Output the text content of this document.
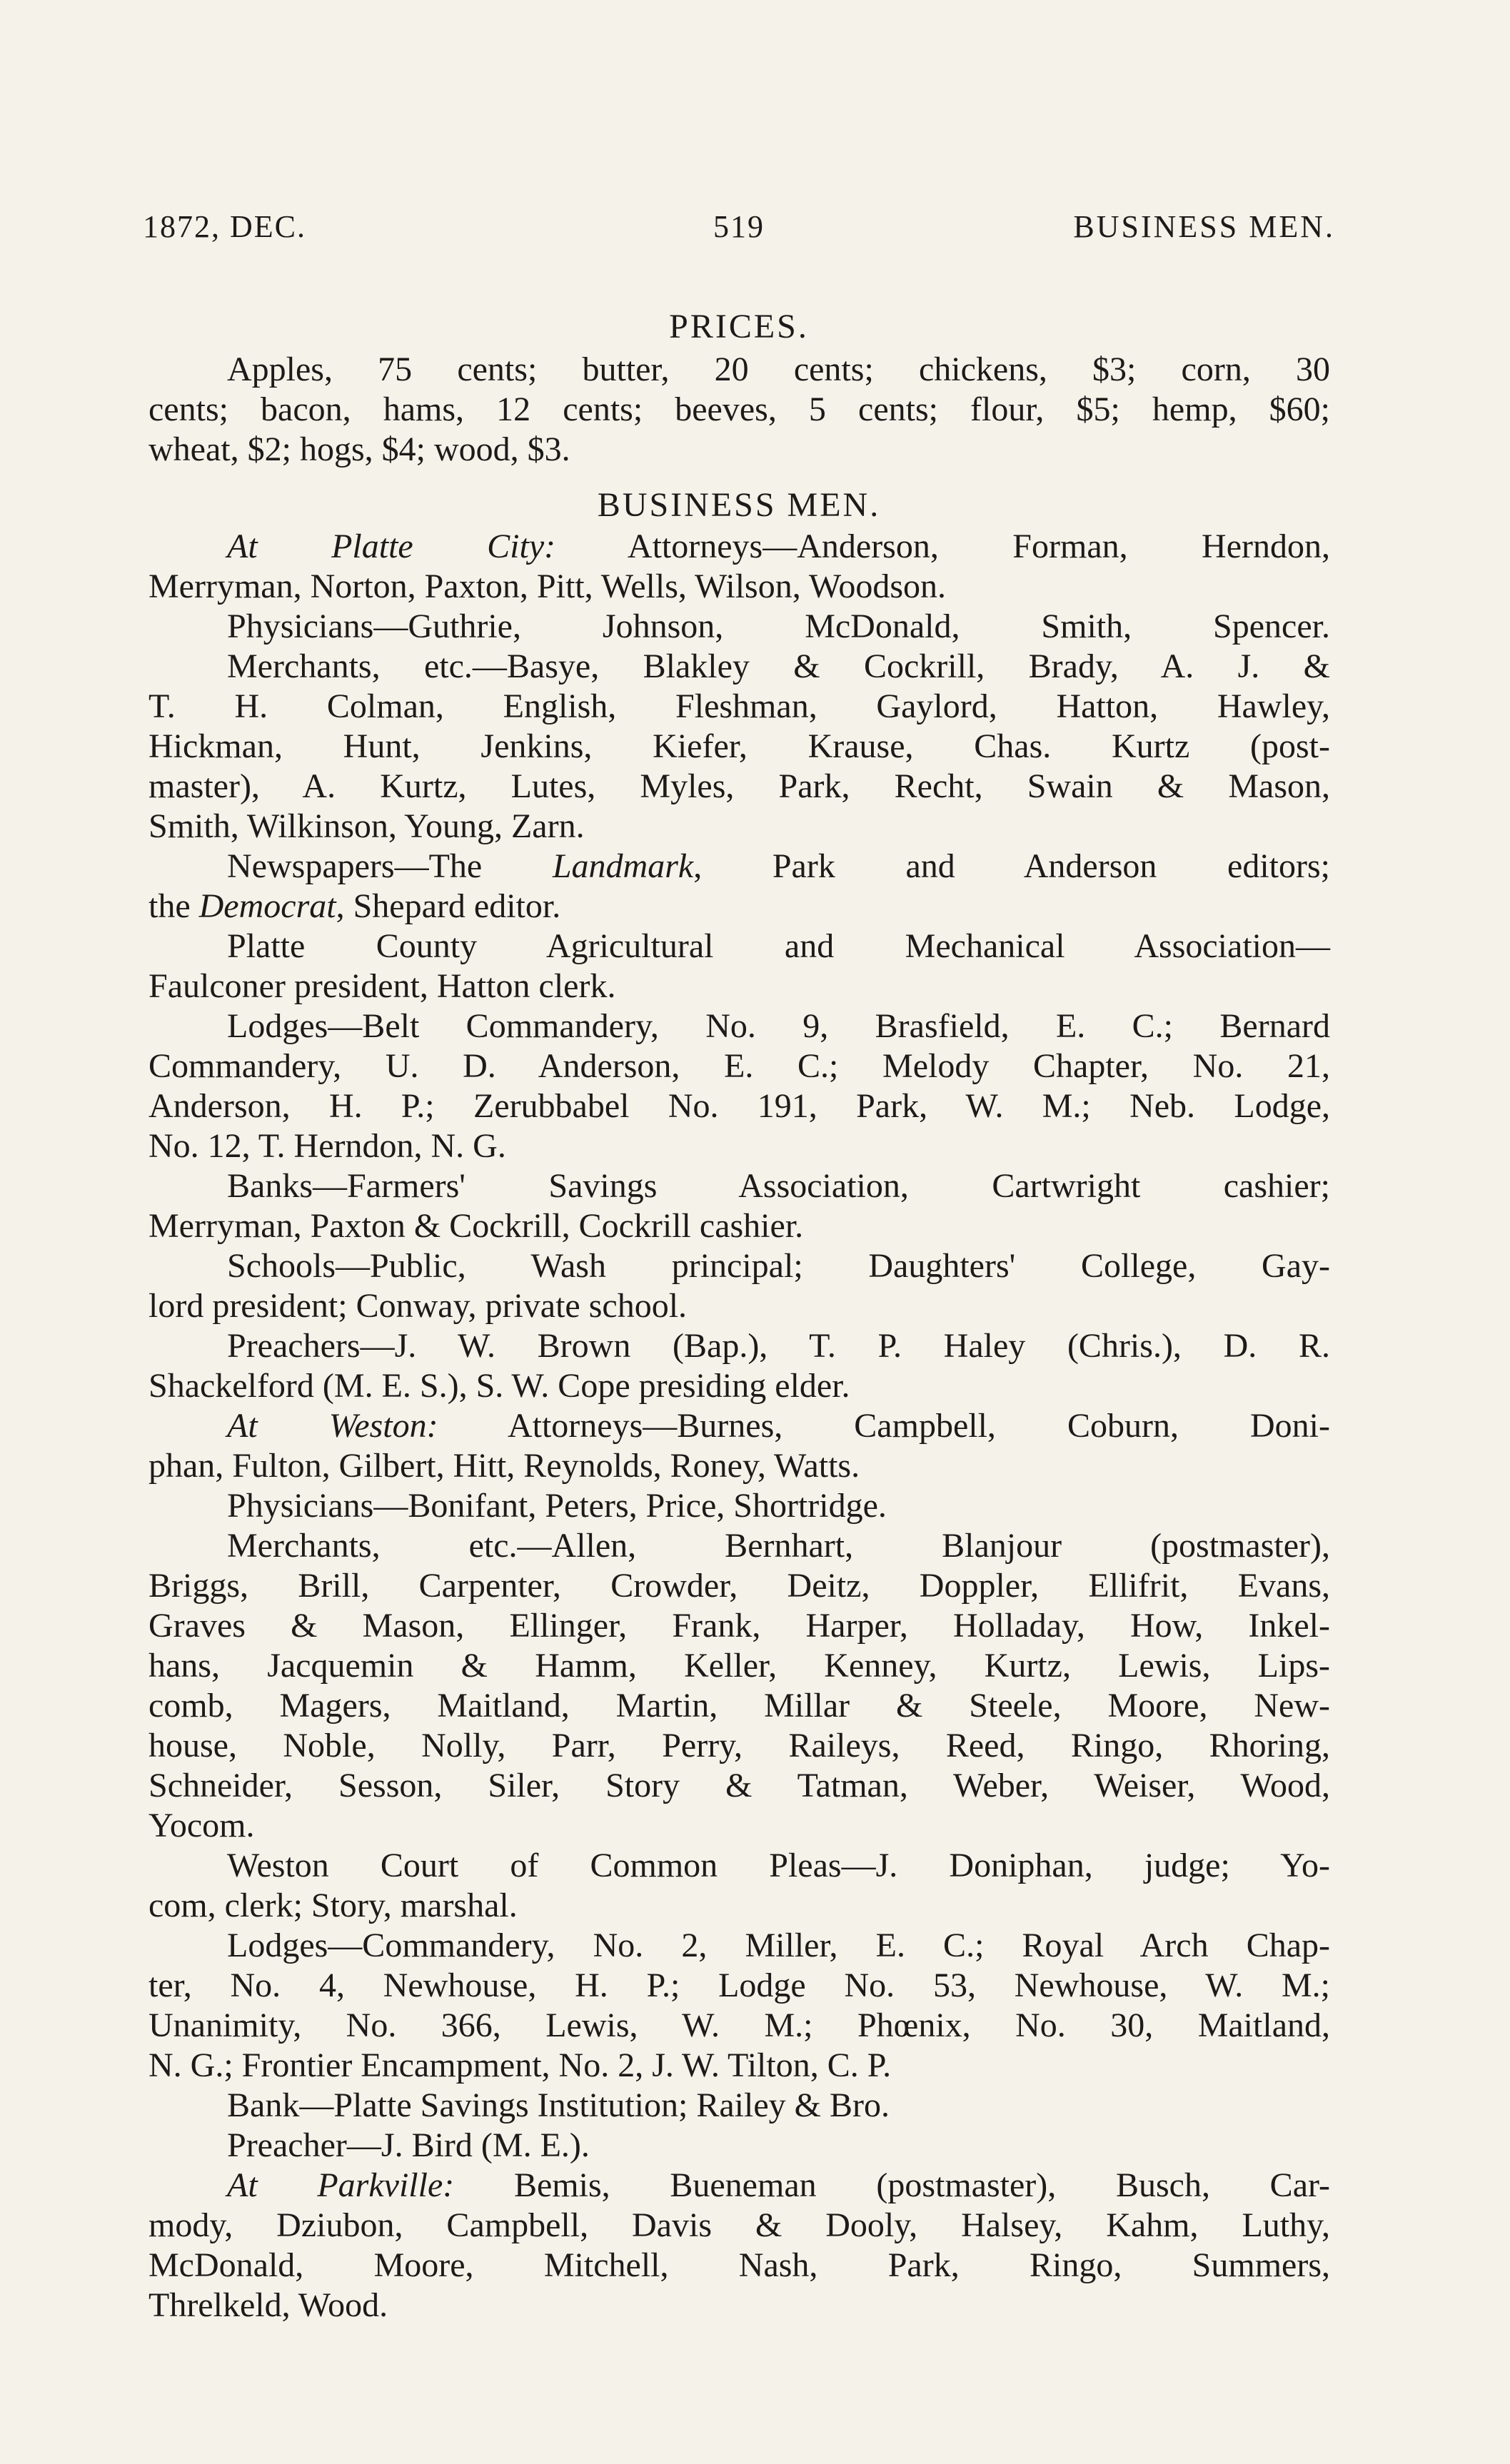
1872, DEC.	519	BUSINESS MEN.
PRICES.
Apples, 75 cents; butter, 20 cents; chickens, $3; corn, 30
cents; bacon, hams, 12 cents; beeves, 5 cents; flour, $5; hemp, $60;
wheat, $2; hogs, $4; wood, $3.
BUSINESS MEN.
At Platte City: Attorneys—Anderson, Forman, Herndon,
Merryman, Norton, Paxton, Pitt, Wells, Wilson, Woodson.
Physicians—Guthrie, Johnson, McDonald, Smith, Spencer.
Merchants, etc.—Basye, Blakley & Cockrill, Brady, A. J. &
T. H. Colman, English, Fleshman, Gaylord, Hatton, Hawley,
Hickman, Hunt, Jenkins, Kiefer, Krause, Chas. Kurtz (post-
master), A. Kurtz, Lutes, Myles, Park, Recht, Swain & Mason,
Smith, Wilkinson, Young, Zarn.
Newspapers—The Landmark, Park and Anderson editors;
the Democrat, Shepard editor.
Platte County Agricultural and Mechanical Association—
Faulconer president, Hatton clerk.
Lodges—Belt Commandery, No. 9, Brasfield, E. C.; Bernard
Commandery, U. D. Anderson, E. C.; Melody Chapter, No. 21,
Anderson, H. P.; Zerubbabel No. 191, Park, W. M.; Neb. Lodge,
No. 12, T. Herndon, N. G.
Banks—Farmers' Savings Association, Cartwright cashier;
Merryman, Paxton & Cockrill, Cockrill cashier.
Schools—Public, Wash principal; Daughters' College, Gay-
lord president; Conway, private school.
Preachers—J. W. Brown (Bap.), T. P. Haley (Chris.), D. R.
Shackelford (M. E. S.), S. W. Cope presiding elder.
At Weston: Attorneys—Burnes, Campbell, Coburn, Doni-
phan, Fulton, Gilbert, Hitt, Reynolds, Roney, Watts.
Physicians—Bonifant, Peters, Price, Shortridge.
Merchants, etc.—Allen, Bernhart, Blanjour (postmaster),
Briggs, Brill, Carpenter, Crowder, Deitz, Doppler, Ellifrit, Evans,
Graves & Mason, Ellinger, Frank, Harper, Holladay, How, Inkel-
hans, Jacquemin & Hamm, Keller, Kenney, Kurtz, Lewis, Lips-
comb, Magers, Maitland, Martin, Millar & Steele, Moore, New-
house, Noble, Nolly, Parr, Perry, Raileys, Reed, Ringo, Rhoring,
Schneider, Sesson, Siler, Story & Tatman, Weber, Weiser, Wood,
Yocom.
Weston Court of Common Pleas—J. Doniphan, judge; Yo-
com, clerk; Story, marshal.
Lodges—Commandery, No. 2, Miller, E. C.; Royal Arch Chap-
ter, No. 4, Newhouse, H. P.; Lodge No. 53, Newhouse, W. M.;
Unanimity, No. 366, Lewis, W. M.; Phœnix, No. 30, Maitland,
N. G.; Frontier Encampment, No. 2, J. W. Tilton, C. P.
Bank—Platte Savings Institution; Railey & Bro.
Preacher—J. Bird (M. E.).
At Parkville: Bemis, Bueneman (postmaster), Busch, Car-
mody, Dziubon, Campbell, Davis & Dooly, Halsey, Kahm, Luthy,
McDonald, Moore, Mitchell, Nash, Park, Ringo, Summers,
Threlkeld, Wood.
